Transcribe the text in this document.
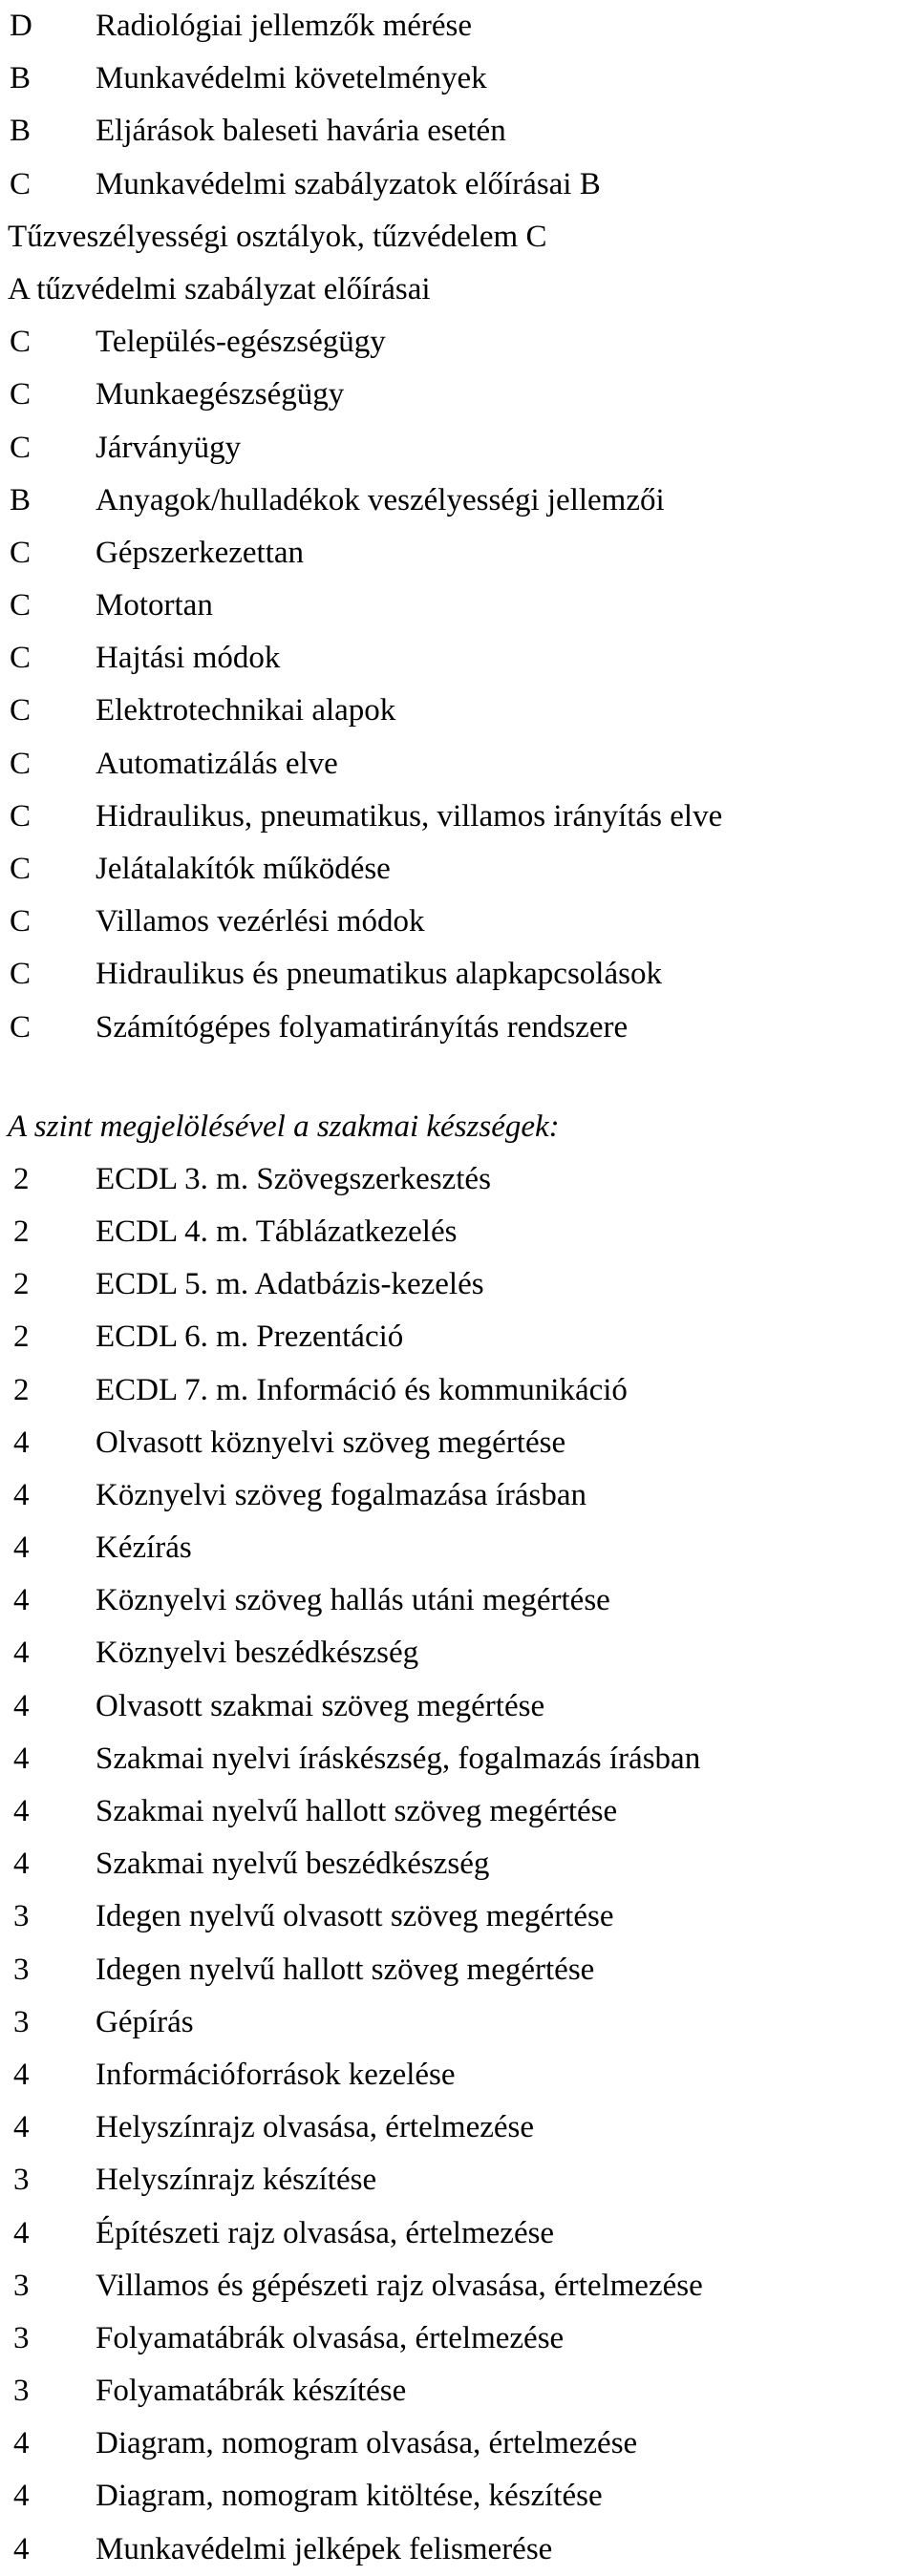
D Radiológiai jellemzők mérése
B Munkavédelmi követelmények
B Eljárások baleseti havária esetén
C Munkavédelmi szabályzatok előírásai B
Tűzveszélyességi osztályok, tűzvédelem C
A tűzvédelmi szabályzat előírásai
C Település-egészségügy
C Munkaegészségügy
C Járványügy
B Anyagok/hulladékok veszélyességi jellemzői
C Gépszerkezettan
C Motortan
C Hajtási módok
C Elektrotechnikai alapok
C Automatizálás elve
C Hidraulikus, pneumatikus, villamos irányítás elve
C Jelátalakítók működése
C Villamos vezérlési módok
C Hidraulikus és pneumatikus alapkapcsolások
C Számítógépes folyamatirányítás rendszere
A szint megjelölésével a szakmai készségek:
2 ECDL 3. m. Szövegszerkesztés
2 ECDL 4. m. Táblázatkezelés
2 ECDL 5. m. Adatbázis-kezelés
2 ECDL 6. m. Prezentáció
2 ECDL 7. m. Információ és kommunikáció
4 Olvasott köznyelvi szöveg megértése
4 Köznyelvi szöveg fogalmazása írásban
4 Kézírás
4 Köznyelvi szöveg hallás utáni megértése
4 Köznyelvi beszédkészség
4 Olvasott szakmai szöveg megértése
4 Szakmai nyelvi íráskészség, fogalmazás írásban
4 Szakmai nyelvű hallott szöveg megértése
4 Szakmai nyelvű beszédkészség
3 Idegen nyelvű olvasott szöveg megértése
3 Idegen nyelvű hallott szöveg megértése
3 Gépírás
4 Információforrások kezelése
4 Helyszínrajz olvasása, értelmezése
3 Helyszínrajz készítése
4 Építészeti rajz olvasása, értelmezése
3 Villamos és gépészeti rajz olvasása, értelmezése
3 Folyamatábrák olvasása, értelmezése
3 Folyamatábrák készítése
4 Diagram, nomogram olvasása, értelmezése
4 Diagram, nomogram kitöltése, készítése
4 Munkavédelmi jelképek felismerése
